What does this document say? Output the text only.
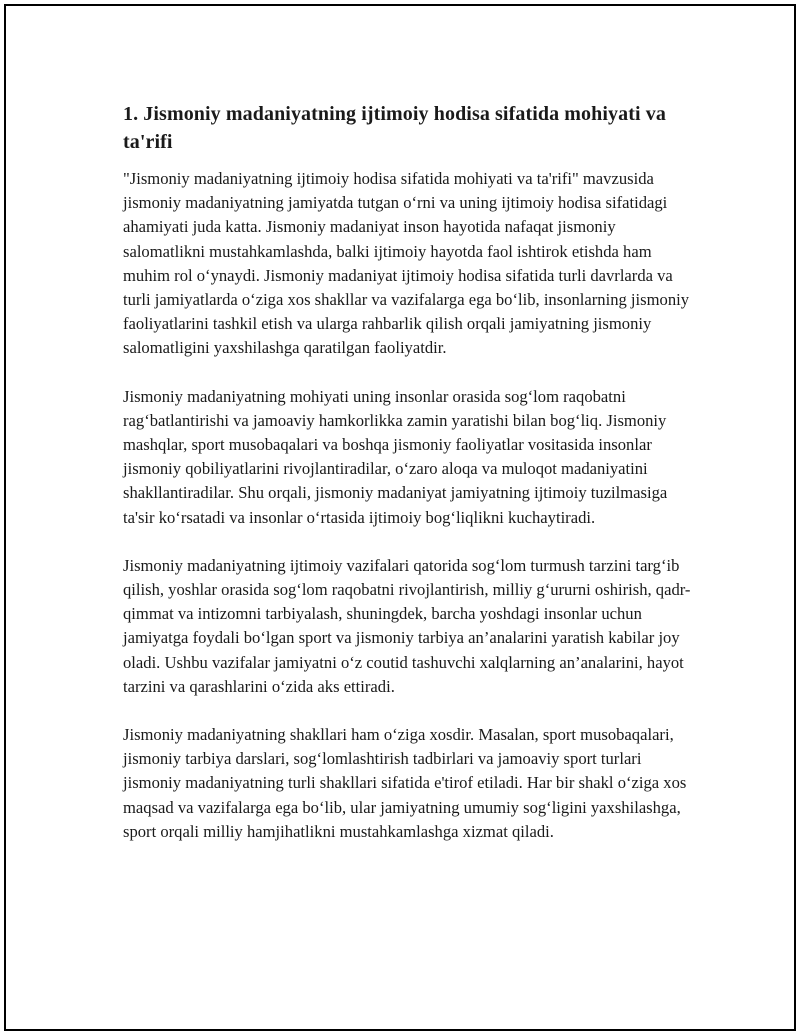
1. Jismoniy madaniyatning ijtimoiy hodisa sifatida mohiyati va ta'rifi

"Jismoniy madaniyatning ijtimoiy hodisa sifatida mohiyati va ta'rifi" mavzusida jismoniy madaniyatning jamiyatda tutgan o‘rni va uning ijtimoiy hodisa sifatidagi ahamiyati juda katta. Jismoniy madaniyat inson hayotida nafaqat jismoniy salomatlikni mustahkamlashda, balki ijtimoiy hayotda faol ishtirok etishda ham muhim rol o‘ynaydi. Jismoniy madaniyat ijtimoiy hodisa sifatida turli davrlarda va turli jamiyatlarda o‘ziga xos shakllar va vazifalarga ega bo‘lib, insonlarning jismoniy faoliyatlarini tashkil etish va ularga rahbarlik qilish orqali jamiyatning jismoniy salomatligini yaxshilashga qaratilgan faoliyatdir.

Jismoniy madaniyatning mohiyati uning insonlar orasida sog‘lom raqobatni rag‘batlantirishi va jamoaviy hamkorlikka zamin yaratishi bilan bog‘liq. Jismoniy mashqlar, sport musobaqalari va boshqa jismoniy faoliyatlar vositasida insonlar jismoniy qobiliyatlarini rivojlantiradilar, o‘zaro aloqa va muloqot madaniyatini shakllantiradilar. Shu orqali, jismoniy madaniyat jamiyatning ijtimoiy tuzilmasiga ta'sir ko‘rsatadi va insonlar o‘rtasida ijtimoiy bog‘liqlikni kuchaytiradi.

Jismoniy madaniyatning ijtimoiy vazifalari qatorida sog‘lom turmush tarzini targ‘ib qilish, yoshlar orasida sog‘lom raqobatni rivojlantirish, milliy g‘ururni oshirish, qadr-qimmat va intizomni tarbiyalash, shuningdek, barcha yoshdagi insonlar uchun jamiyatga foydali bo‘lgan sport va jismoniy tarbiya an’analarini yaratish kabilar joy oladi. Ushbu vazifalar jamiyatni o‘z coutid tashuvchi xalqlarning an’analarini, hayot tarzini va qarashlarini o‘zida aks ettiradi.

Jismoniy madaniyatning shakllari ham o‘ziga xosdir. Masalan, sport musobaqalari, jismoniy tarbiya darslari, sog‘lomlashtirish tadbirlari va jamoaviy sport turlari jismoniy madaniyatning turli shakllari sifatida e'tirof etiladi. Har bir shakl o‘ziga xos maqsad va vazifalarga ega bo‘lib, ular jamiyatning umumiy sog‘ligini yaxshilashga, sport orqali milliy hamjihatlikni mustahkamlashga xizmat qiladi.
